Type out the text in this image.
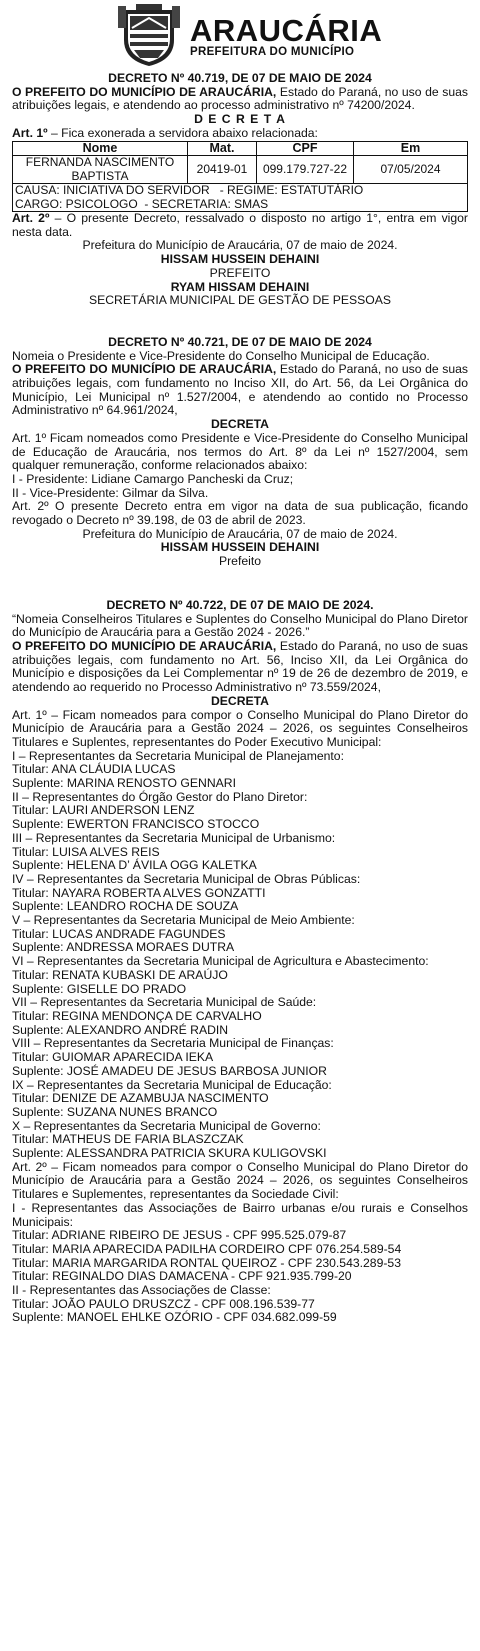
ARAUCÁRIA
PREFEITURA DO MUNICÍPIO

DECRETO Nº 40.719, DE 07 DE MAIO DE 2024

O PREFEITO DO MUNICÍPIO DE ARAUCÁRIA, Estado do Paraná, no uso de suas atribuições legais, e atendendo ao processo administrativo nº 74200/2024.

D E C R E T A

Art. 1º – Fica exonerada a servidora abaixo relacionada:

Nome	Mat.	CPF	Em
FERNANDA NASCIMENTO BAPTISTA	20419-01	099.179.727-22	07/05/2024
CAUSA: INICIATIVA DO SERVIDOR   - REGIME: ESTATUTÁRIO
CARGO: PSICOLOGO  - SECRETARIA: SMAS

Art. 2º – O presente Decreto, ressalvado o disposto no artigo 1°, entra em vigor nesta data.

Prefeitura do Município de Araucária, 07 de maio de 2024.

HISSAM HUSSEIN DEHAINI

PREFEITO

RYAM HISSAM DEHAINI

SECRETÁRIA MUNICIPAL DE GESTÃO DE PESSOAS

DECRETO Nº 40.721, DE 07 DE MAIO DE 2024

Nomeia o Presidente e Vice-Presidente do Conselho Municipal de Educação.

O PREFEITO DO MUNICÍPIO DE ARAUCÁRIA, Estado do Paraná, no uso de suas atribuições legais, com fundamento no Inciso XII, do Art. 56, da Lei Orgânica do Município, Lei Municipal nº 1.527/2004, e atendendo ao contido no Processo Administrativo nº 64.961/2024,

DECRETA

Art. 1º Ficam nomeados como Presidente e Vice-Presidente do Conselho Municipal de Educação de Araucária, nos termos do Art. 8º da Lei nº 1527/2004, sem qualquer remuneração, conforme relacionados abaixo:

I - Presidente: Lidiane Camargo Pancheski da Cruz;

II - Vice-Presidente: Gilmar da Silva.

Art. 2º O presente Decreto entra em vigor na data de sua publicação, ficando revogado o Decreto nº 39.198, de 03 de abril de 2023.

Prefeitura do Município de Araucária, 07 de maio de 2024.

HISSAM HUSSEIN DEHAINI

Prefeito

DECRETO Nº 40.722, DE 07 DE MAIO DE 2024.

“Nomeia Conselheiros Titulares e Suplentes do Conselho Municipal do Plano Diretor do Município de Araucária para a Gestão 2024 - 2026.”

O PREFEITO DO MUNICÍPIO DE ARAUCÁRIA, Estado do Paraná, no uso de suas atribuições legais, com fundamento no Art. 56, Inciso XII, da Lei Orgânica do Município e disposições da Lei Complementar nº 19 de 26 de dezembro de 2019, e atendendo ao requerido no Processo Administrativo nº 73.559/2024,

DECRETA

Art. 1º – Ficam nomeados para compor o Conselho Municipal do Plano Diretor do Município de Araucária para a Gestão 2024 – 2026, os seguintes Conselheiros Titulares e Suplentes, representantes do Poder Executivo Municipal:

I – Representantes da Secretaria Municipal de Planejamento:

Titular: ANA CLÁUDIA LUCAS

Suplente: MARINA RENOSTO GENNARI

II – Representantes do Órgão Gestor do Plano Diretor:

Titular: LAURI ANDERSON LENZ

Suplente: EWERTON FRANCISCO STOCCO

III – Representantes da Secretaria Municipal de Urbanismo:

Titular: LUISA ALVES REIS

Suplente: HELENA D’ ÁVILA OGG KALETKA

IV – Representantes da Secretaria Municipal de Obras Públicas:

Titular: NAYARA ROBERTA ALVES GONZATTI

Suplente: LEANDRO ROCHA DE SOUZA

V – Representantes da Secretaria Municipal de Meio Ambiente:

Titular: LUCAS ANDRADE FAGUNDES

Suplente: ANDRESSA MORAES DUTRA

VI – Representantes da Secretaria Municipal de Agricultura e Abastecimento:

Titular: RENATA KUBASKI DE ARAÚJO

Suplente: GISELLE DO PRADO

VII – Representantes da Secretaria Municipal de Saúde:

Titular: REGINA MENDONÇA DE CARVALHO

Suplente: ALEXANDRO ANDRÉ RADIN

VIII – Representantes da Secretaria Municipal de Finanças:

Titular: GUIOMAR APARECIDA IEKA

Suplente: JOSÉ AMADEU DE JESUS BARBOSA JUNIOR

IX – Representantes da Secretaria Municipal de Educação:

Titular: DENIZE DE AZAMBUJA NASCIMENTO

Suplente: SUZANA NUNES BRANCO

X – Representantes da Secretaria Municipal de Governo:

Titular: MATHEUS DE FARIA BLASZCZAK

Suplente: ALESSANDRA PATRICIA SKURA KULIGOVSKI

Art. 2º – Ficam nomeados para compor o Conselho Municipal do Plano Diretor do Município de Araucária para a Gestão 2024 – 2026, os seguintes Conselheiros Titulares e Suplementes, representantes da Sociedade Civil:

I - Representantes das Associações de Bairro urbanas e/ou rurais e Conselhos Municipais:

Titular: ADRIANE RIBEIRO DE JESUS - CPF 995.525.079-87

Titular: MARIA APARECIDA PADILHA CORDEIRO CPF 076.254.589-54

Titular: MARIA MARGARIDA RONTAL QUEIROZ - CPF 230.543.289-53

Titular: REGINALDO DIAS DAMACENA - CPF 921.935.799-20

II - Representantes das Associações de Classe:

Titular: JOÃO PAULO DRUSZCZ - CPF 008.196.539-77

Suplente: MANOEL EHLKE OZÓRIO - CPF 034.682.099-59
